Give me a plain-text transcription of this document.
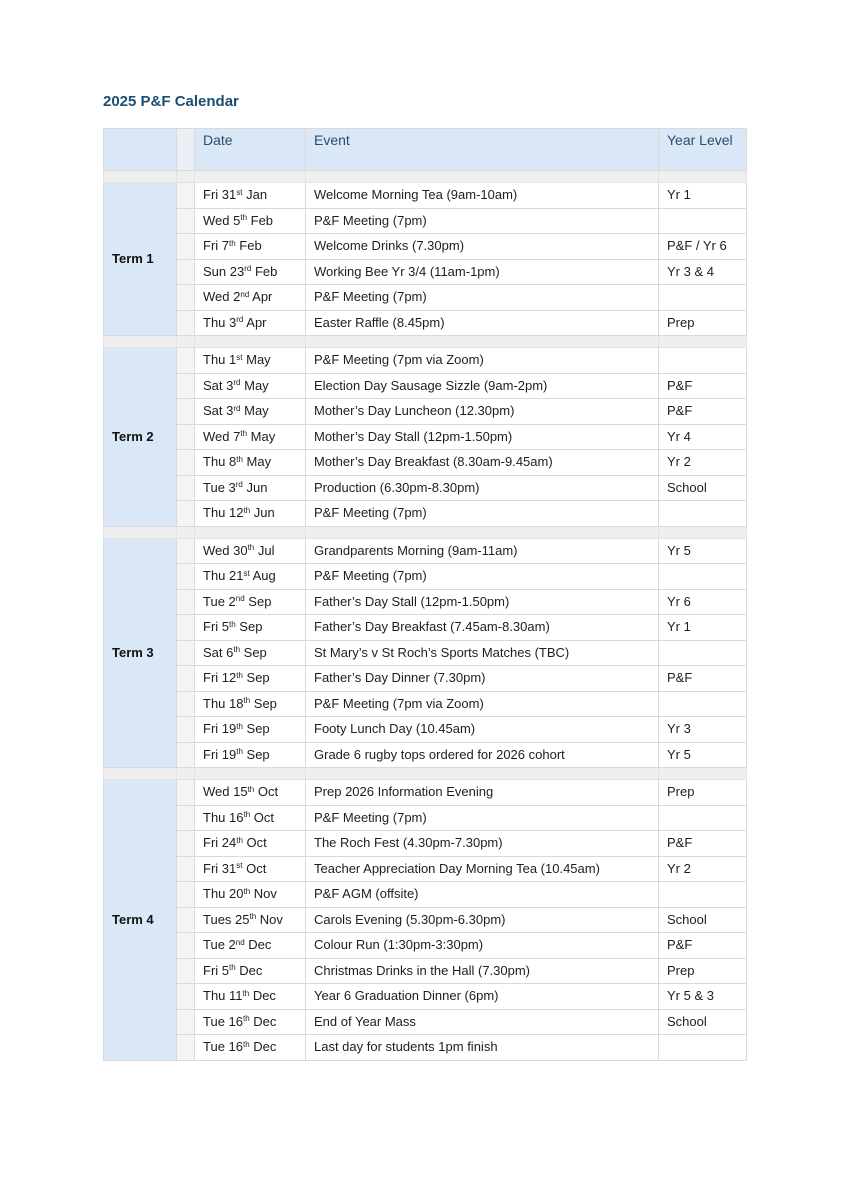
2025 P&F Calendar
		Date	Event	Year Level

Term 1		Fri 31st Jan	Welcome Morning Tea (9am-10am)	Yr 1
		Wed 5th Feb	P&F Meeting (7pm)	
		Fri 7th Feb	Welcome Drinks (7.30pm)	P&F / Yr 6
		Sun 23rd Feb	Working Bee Yr 3/4 (11am-1pm)	Yr 3 & 4
		Wed 2nd Apr	P&F Meeting (7pm)	
		Thu 3rd Apr	Easter Raffle (8.45pm)	Prep

Term 2		Thu 1st May	P&F Meeting (7pm via Zoom)	
		Sat 3rd May	Election Day Sausage Sizzle (9am-2pm)	P&F
		Sat 3rd May	Mother’s Day Luncheon (12.30pm)	P&F
		Wed 7th May	Mother’s Day Stall (12pm-1.50pm)	Yr 4
		Thu 8th May	Mother’s Day Breakfast (8.30am-9.45am)	Yr 2
		Tue 3rd Jun	Production (6.30pm-8.30pm)	School
		Thu 12th Jun	P&F Meeting (7pm)	

Term 3		Wed 30th Jul	Grandparents Morning (9am-11am)	Yr 5
		Thu 21st Aug	P&F Meeting (7pm)	
		Tue 2nd Sep	Father’s Day Stall (12pm-1.50pm)	Yr 6
		Fri 5th Sep	Father’s Day Breakfast (7.45am-8.30am)	Yr 1
		Sat 6th Sep	St Mary’s v St Roch’s Sports Matches (TBC)	
		Fri 12th Sep	Father’s Day Dinner (7.30pm)	P&F
		Thu 18th Sep	P&F Meeting (7pm via Zoom)	
		Fri 19th Sep	Footy Lunch Day (10.45am)	Yr 3
		Fri 19th Sep	Grade 6 rugby tops ordered for 2026 cohort	Yr 5

Term 4		Wed 15th Oct	Prep 2026 Information Evening	Prep
		Thu 16th Oct	P&F Meeting (7pm)	
		Fri 24th Oct	The Roch Fest (4.30pm-7.30pm)	P&F
		Fri 31st Oct	Teacher Appreciation Day Morning Tea (10.45am)	Yr 2
		Thu 20th Nov	P&F AGM (offsite)	
		Tues 25th Nov	Carols Evening (5.30pm-6.30pm)	School
		Tue 2nd Dec	Colour Run (1:30pm-3:30pm)	P&F
		Fri 5th Dec	Christmas Drinks in the Hall (7.30pm)	Prep
		Thu 11th Dec	Year 6 Graduation Dinner (6pm)	Yr 5 & 3
		Tue 16th Dec	End of Year Mass	School
		Tue 16th Dec	Last day for students 1pm finish	
